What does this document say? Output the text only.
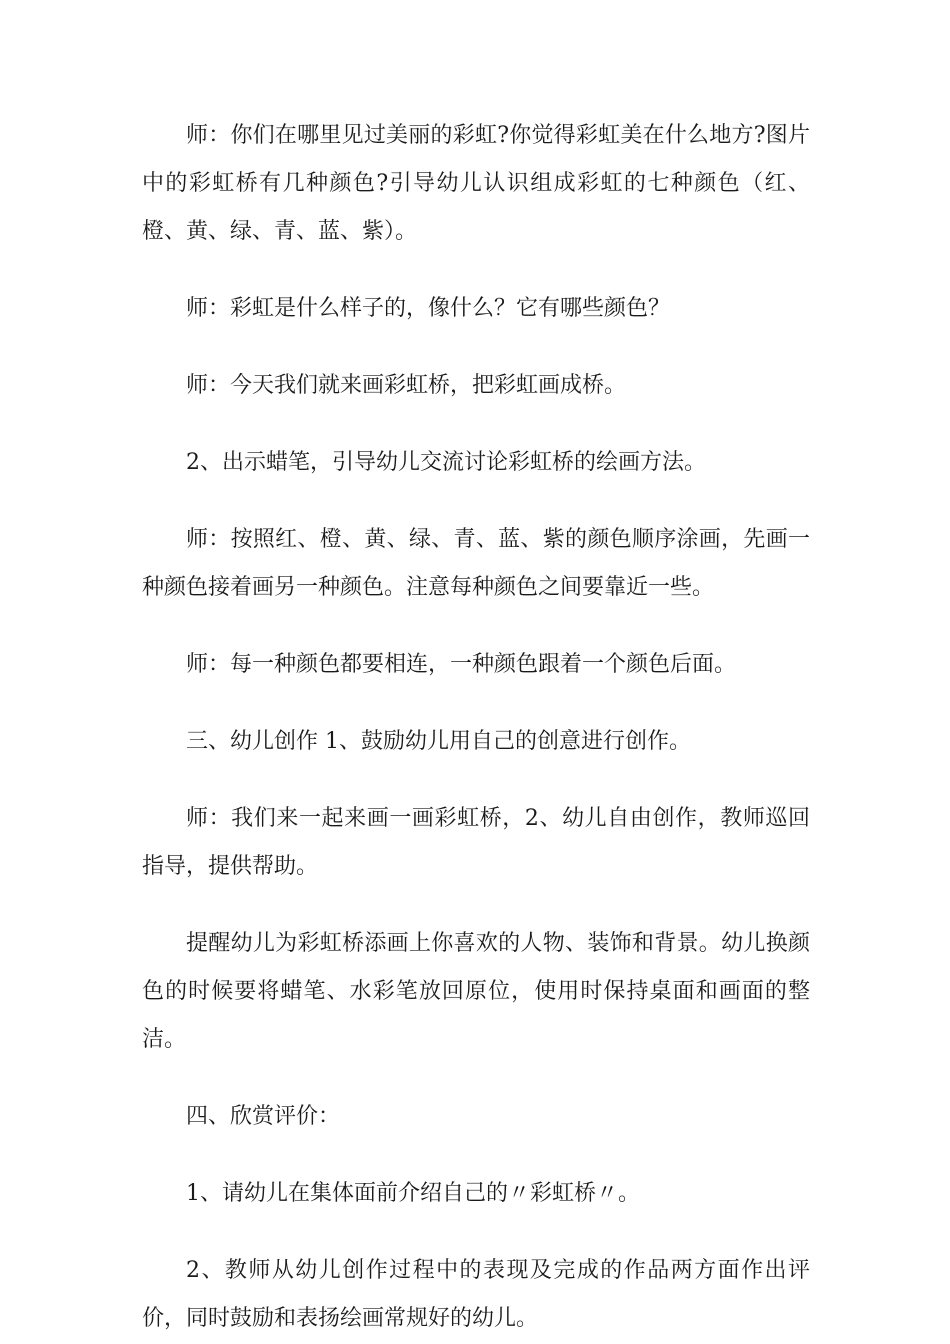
师：你们在哪里见过美丽的彩虹?你觉得彩虹美在什么地方?图片中的彩虹桥有几种颜色?引导幼儿认识组成彩虹的七种颜色（红、橙、黄、绿、青、蓝、紫）。

师：彩虹是什么样子的，像什么？它有哪些颜色？

师：今天我们就来画彩虹桥，把彩虹画成桥。

2、出示蜡笔，引导幼儿交流讨论彩虹桥的绘画方法。

师：按照红、橙、黄、绿、青、蓝、紫的颜色顺序涂画，先画一种颜色接着画另一种颜色。注意每种颜色之间要靠近一些。

师：每一种颜色都要相连，一种颜色跟着一个颜色后面。

三、幼儿创作 1、鼓励幼儿用自己的创意进行创作。

师：我们来一起来画一画彩虹桥，2、幼儿自由创作，教师巡回指导，提供帮助。

提醒幼儿为彩虹桥添画上你喜欢的人物、装饰和背景。幼儿换颜色的时候要将蜡笔、水彩笔放回原位，使用时保持桌面和画面的整洁。

四、欣赏评价：

1、请幼儿在集体面前介绍自己的〃彩虹桥〃。

2、教师从幼儿创作过程中的表现及完成的作品两方面作出评价，同时鼓励和表扬绘画常规好的幼儿。
